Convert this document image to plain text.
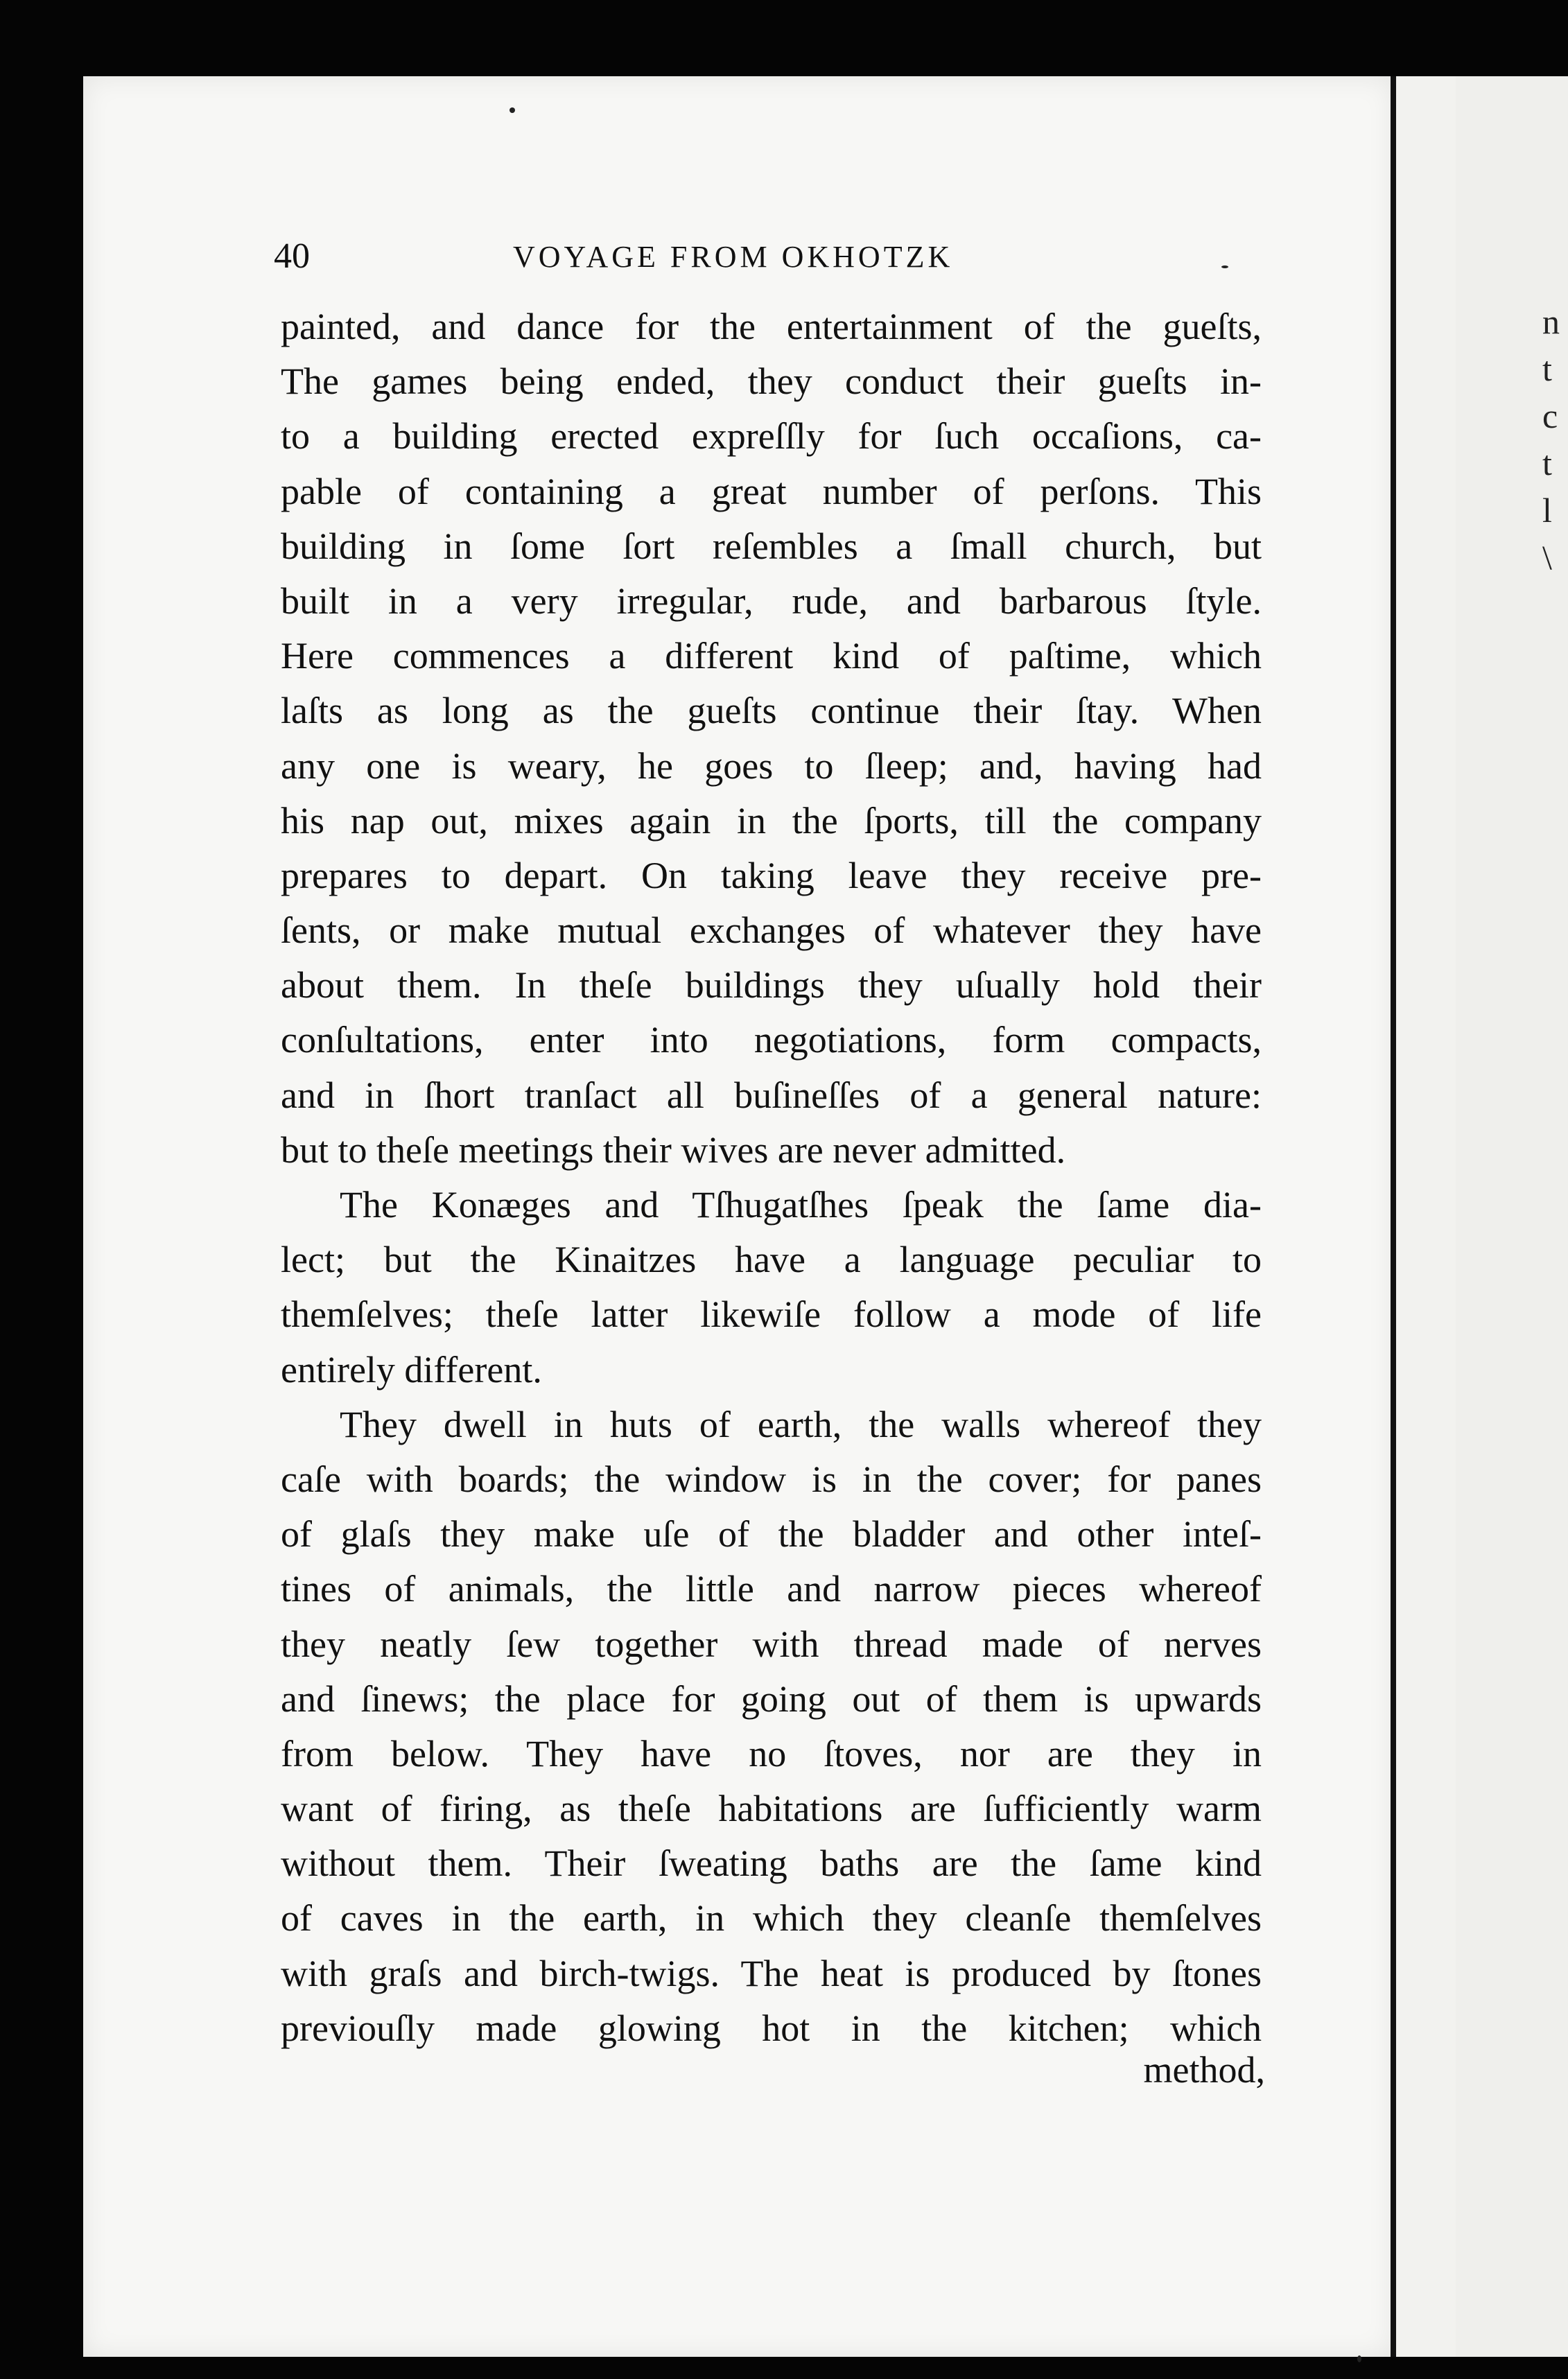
40	VOYAGE FROM OKHOTZK
painted, and dance for the entertainment of the gueſts,
The games being ended, they conduct their gueſts in-
to a building erected expreſſly for ſuch occaſions, ca-
pable of containing a great number of perſons. This
building in ſome ſort reſembles a ſmall church, but
built in a very irregular, rude, and barbarous ſtyle.
Here commences a different kind of paſtime, which
laſts as long as the gueſts continue their ſtay. When
any one is weary, he goes to ſleep; and, having had
his nap out, mixes again in the ſports, till the company
prepares to depart. On taking leave they receive pre-
ſents, or make mutual exchanges of whatever they have
about them. In theſe buildings they uſually hold their
conſultations, enter into negotiations, form compacts,
and in ſhort tranſact all buſineſſes of a general nature:
but to theſe meetings their wives are never admitted.
The Konæges and Tſhugatſhes ſpeak the ſame dia-
lect; but the Kinaitzes have a language peculiar to
themſelves; theſe latter likewiſe follow a mode of life
entirely different.
They dwell in huts of earth, the walls whereof they
caſe with boards; the window is in the cover; for panes
of glaſs they make uſe of the bladder and other inteſ-
tines of animals, the little and narrow pieces whereof
they neatly ſew together with thread made of nerves
and ſinews; the place for going out of them is upwards
from below. They have no ſtoves, nor are they in
want of firing, as theſe habitations are ſufficiently warm
without them. Their ſweating baths are the ſame kind
of caves in the earth, in which they cleanſe themſelves
with graſs and birch-twigs. The heat is produced by ſtones
previouſly made glowing hot in the kitchen; which
method,
n
t
c
t
l
\
